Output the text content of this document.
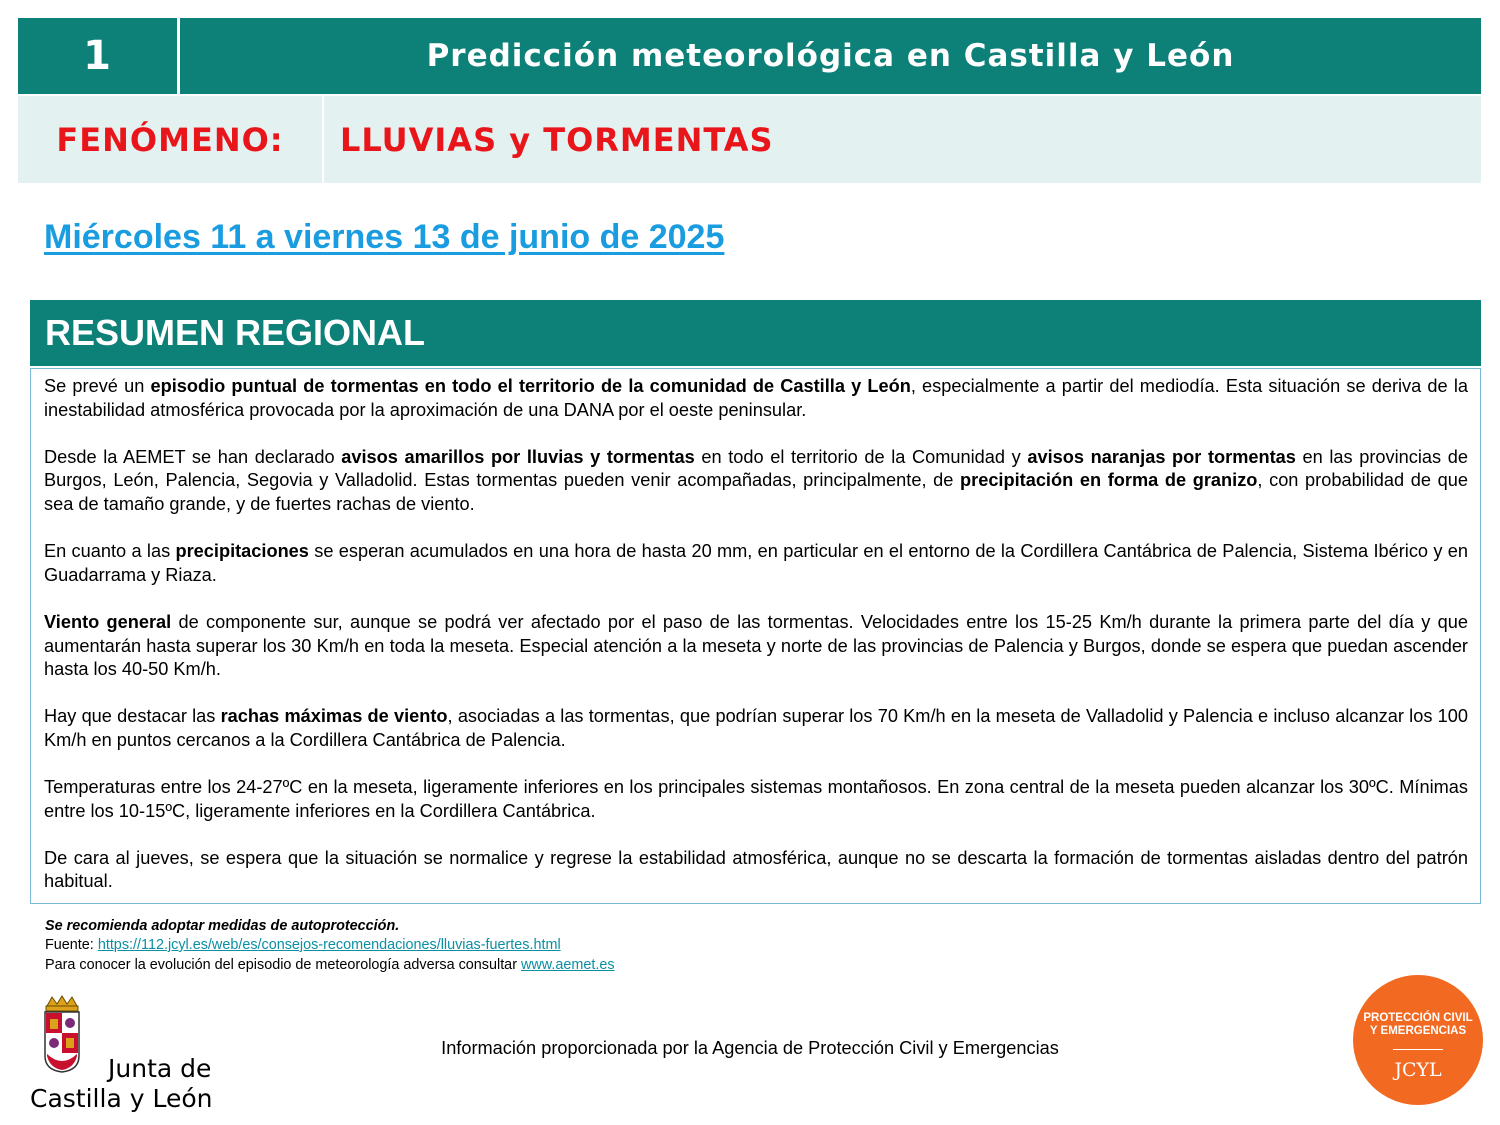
1	Predicción meteorológica en Castilla y León
FENÓMENO:	LLUVIAS y TORMENTAS
Miércoles 11 a viernes 13 de junio de 2025
RESUMEN REGIONAL

Se prevé un episodio puntual de tormentas en todo el territorio de la comunidad de Castilla y León, especialmente a partir del mediodía. Esta situación se deriva de la inestabilidad atmosférica provocada por la aproximación de una DANA por el oeste peninsular.

Desde la AEMET se han declarado avisos amarillos por lluvias y tormentas en todo el territorio de la Comunidad y avisos naranjas por tormentas en las provincias de Burgos, León, Palencia, Segovia y Valladolid. Estas tormentas pueden venir acompañadas, principalmente, de precipitación en forma de granizo, con probabilidad de que sea de tamaño grande, y de fuertes rachas de viento.

En cuanto a las precipitaciones se esperan acumulados en una hora de hasta 20 mm, en particular en el entorno de la Cordillera Cantábrica de Palencia, Sistema Ibérico y en Guadarrama y Riaza.

Viento general de componente sur, aunque se podrá ver afectado por el paso de las tormentas. Velocidades entre los 15-25 Km/h durante la primera parte del día y que aumentarán hasta superar los 30 Km/h en toda la meseta. Especial atención a la meseta y norte de las provincias de Palencia y Burgos, donde se espera que puedan ascender hasta los 40-50 Km/h.

Hay que destacar las rachas máximas de viento, asociadas a las tormentas, que podrían superar los 70 Km/h en la meseta de Valladolid y Palencia e incluso alcanzar los 100 Km/h en puntos cercanos a la Cordillera Cantábrica de Palencia.

Temperaturas entre los 24-27ºC en la meseta, ligeramente inferiores en los principales sistemas montañosos. En zona central de la meseta pueden alcanzar los 30ºC. Mínimas entre los 10-15ºC, ligeramente inferiores en la Cordillera Cantábrica.

De cara al jueves, se espera que la situación se normalice y regrese la estabilidad atmosférica, aunque no se descarta la formación de tormentas aisladas dentro del patrón habitual.

Se recomienda adoptar medidas de autoprotección.
Fuente: https://112.jcyl.es/web/es/consejos-recomendaciones/lluvias-fuertes.html
Para conocer la evolución del episodio de meteorología adversa consultar www.aemet.es
Información proporcionada por la Agencia de Protección Civil y Emergencias
Junta de
Castilla y León
PROTECCIÓN CIVIL
Y EMERGENCIAS
JCYL
